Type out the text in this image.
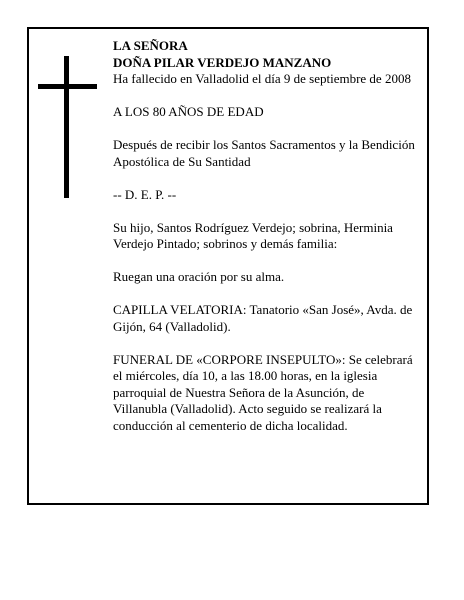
LA SEÑORA

DOÑA PILAR VERDEJO MANZANO

Ha fallecido en Valladolid el día 9 de septiembre de 2008

A LOS 80 AÑOS DE EDAD

Después de recibir los Santos Sacramentos y la Bendición Apostólica de Su Santidad

-- D. E. P. --

Su hijo, Santos Rodríguez Verdejo; sobrina, Herminia Verdejo Pintado; sobrinos y demás familia:

Ruegan una oración por su alma.

CAPILLA VELATORIA: Tanatorio «San José», Avda. de Gijón, 64 (Valladolid).

FUNERAL DE «CORPORE INSEPULTO»: Se celebrará el miércoles, día 10, a las 18.00 horas, en la iglesia parroquial de Nuestra Señora de la Asunción, de Villanubla (Valladolid). Acto seguido se realizará la conducción al cementerio de dicha localidad.
